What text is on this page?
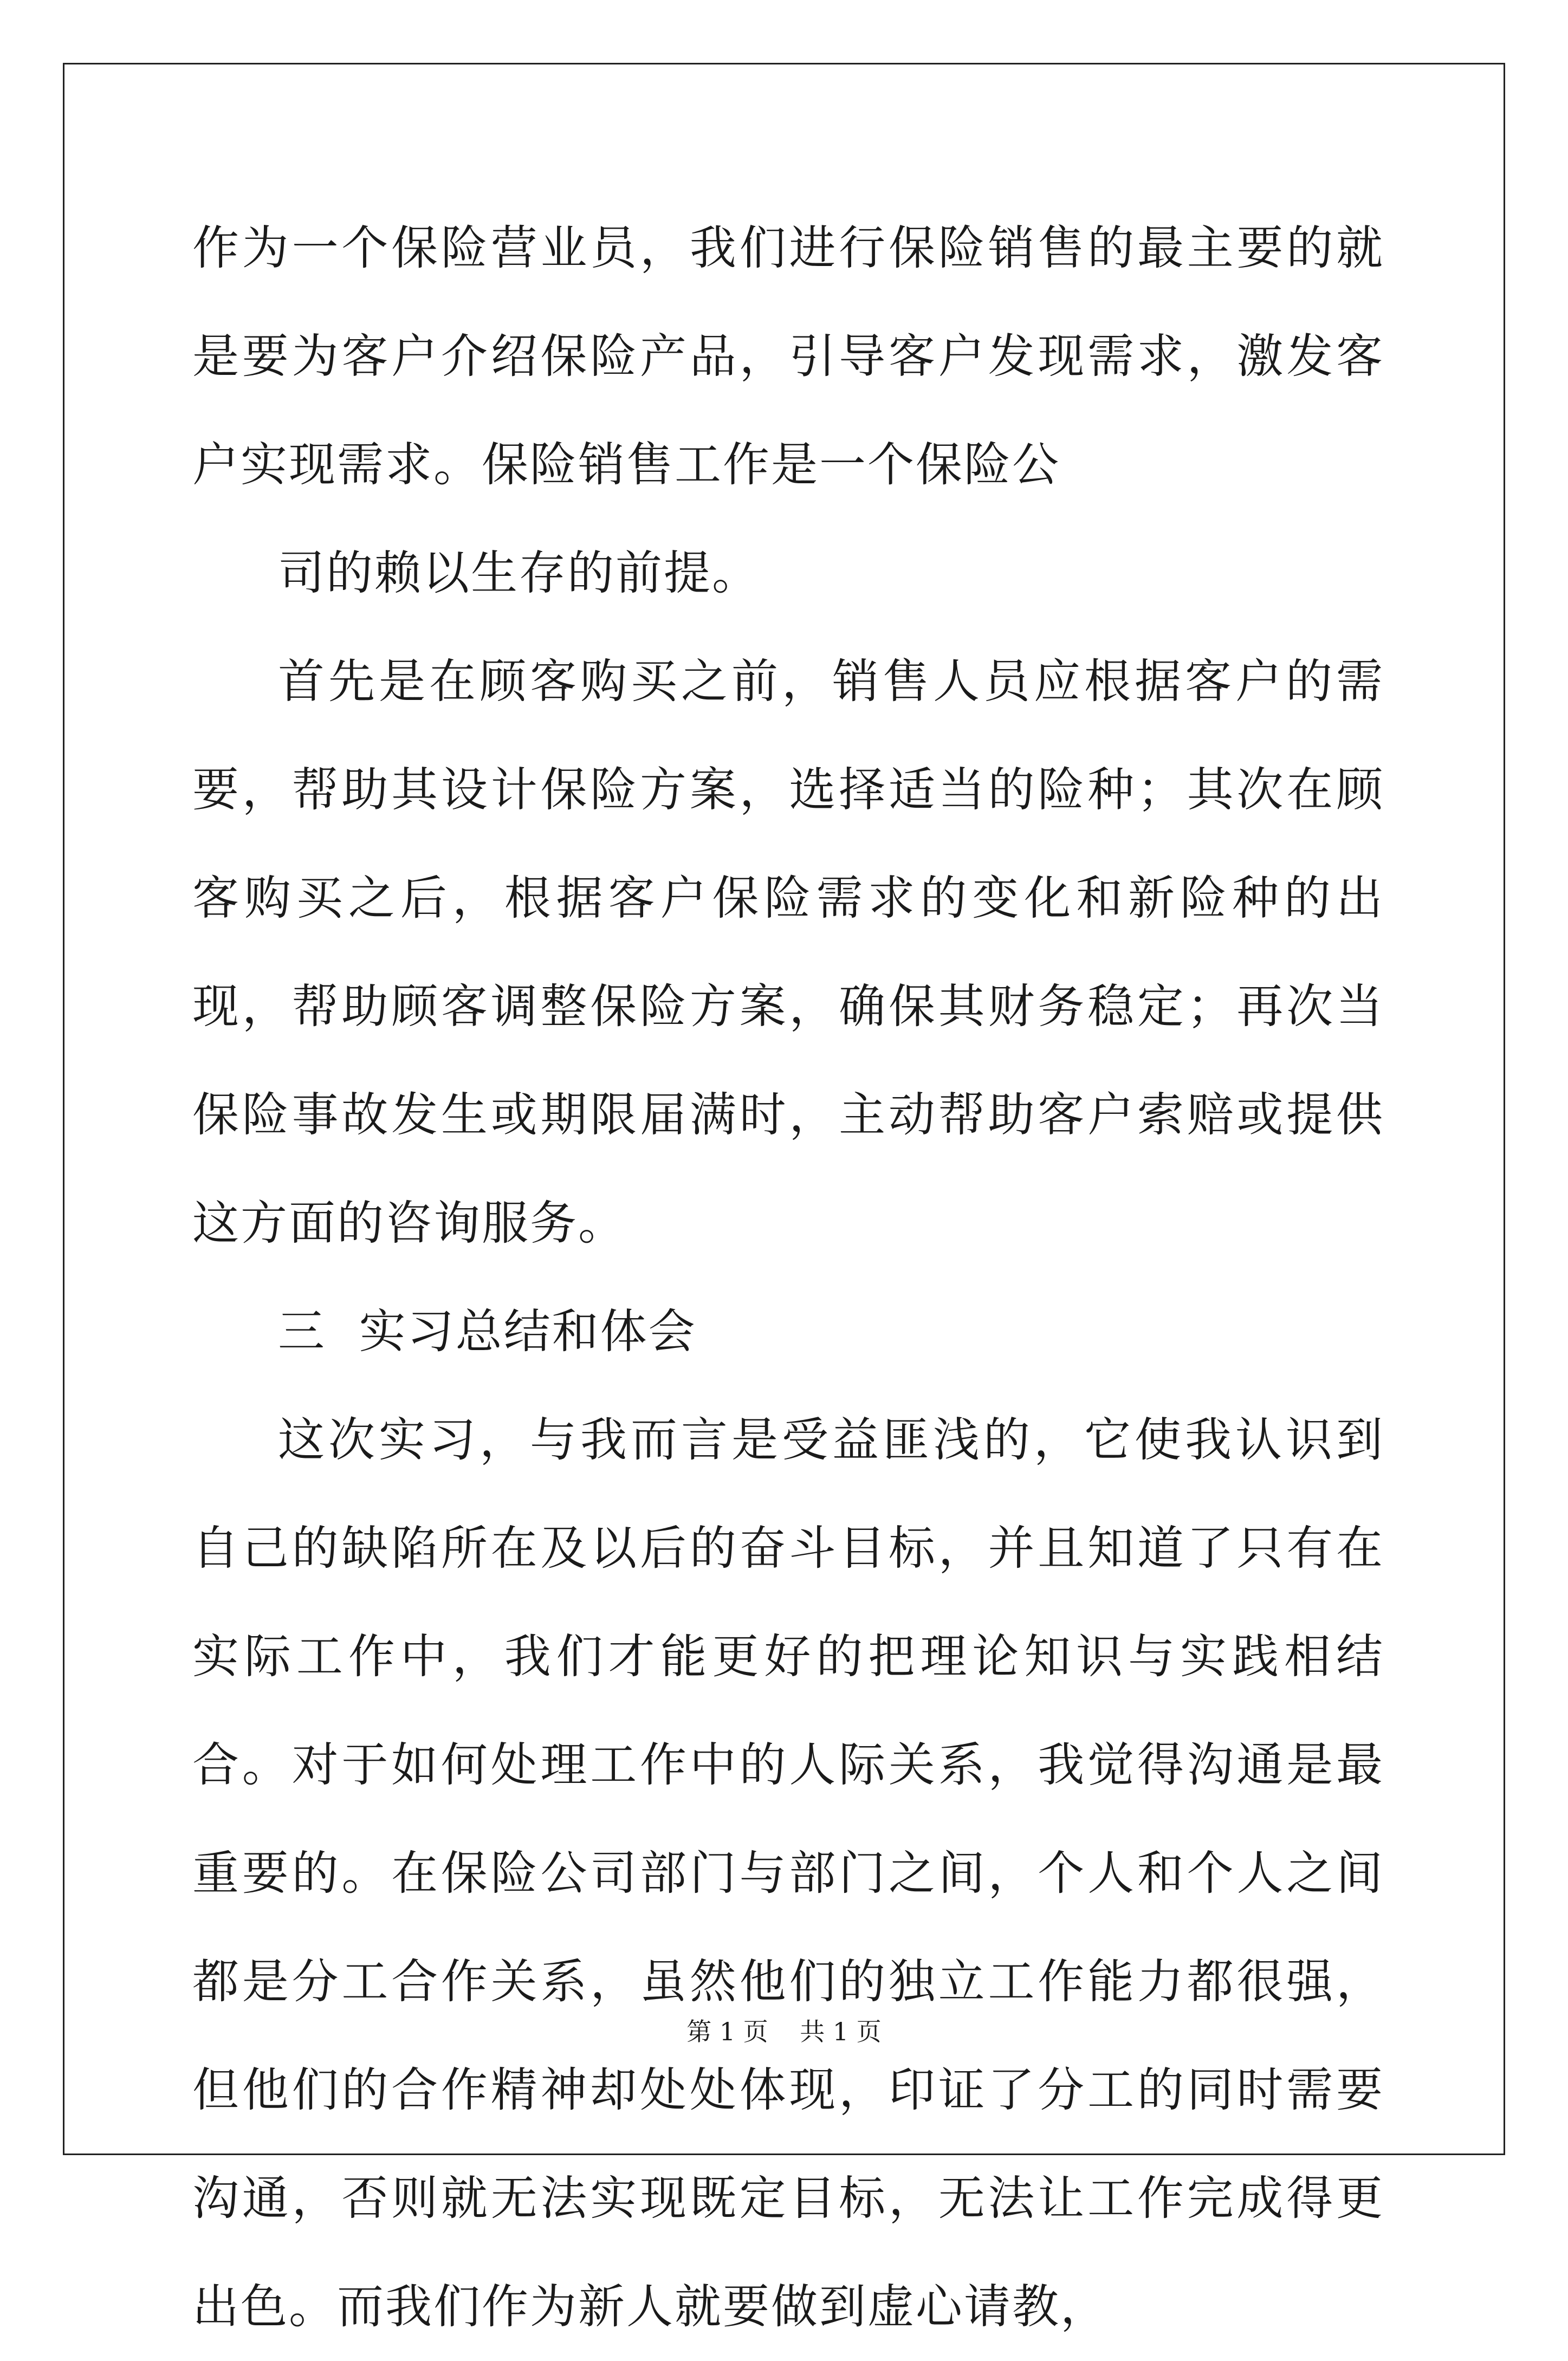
作为一个保险营业员，我们进行保险销售的最主要的就是要为客户介绍保险产品，引导客户发现需求，激发客户实现需求。保险销售工作是一个保险公

司的赖以生存的前提。

首先是在顾客购买之前，销售人员应根据客户的需要，帮助其设计保险方案，选择适当的险种；其次在顾客购买之后，根据客户保险需求的变化和新险种的出现，帮助顾客调整保险方案，确保其财务稳定；再次当保险事故发生或期限届满时，主动帮助客户索赔或提供这方面的咨询服务。

三  实习总结和体会

这次实习，与我而言是受益匪浅的，它使我认识到自己的缺陷所在及以后的奋斗目标，并且知道了只有在实际工作中，我们才能更好的把理论知识与实践相结合。对于如何处理工作中的人际关系，我觉得沟通是最重要的。在保险公司部门与部门之间，个人和个人之间都是分工合作关系，虽然他们的独立工作能力都很强，但他们的合作精神却处处体现，印证了分工的同时需要沟通，否则就无法实现既定目标，无法让工作完成得更出色。而我们作为新人就要做到虚心请教，

第 1 页    共 1 页
